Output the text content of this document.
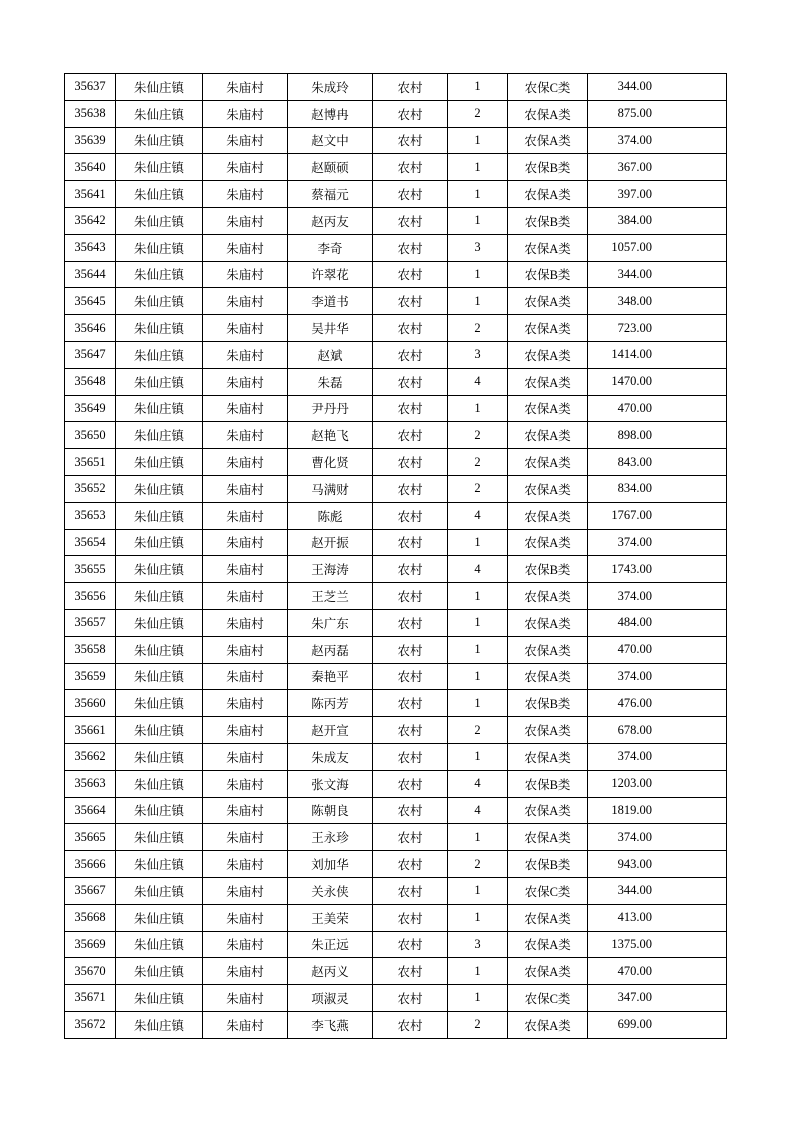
35637	朱仙庄镇	朱庙村	朱成玲	农村	1	农保C类	344.00
35638	朱仙庄镇	朱庙村	赵博冉	农村	2	农保A类	875.00
35639	朱仙庄镇	朱庙村	赵文中	农村	1	农保A类	374.00
35640	朱仙庄镇	朱庙村	赵颐硕	农村	1	农保B类	367.00
35641	朱仙庄镇	朱庙村	蔡福元	农村	1	农保A类	397.00
35642	朱仙庄镇	朱庙村	赵丙友	农村	1	农保B类	384.00
35643	朱仙庄镇	朱庙村	李奇	农村	3	农保A类	1057.00
35644	朱仙庄镇	朱庙村	许翠花	农村	1	农保B类	344.00
35645	朱仙庄镇	朱庙村	李道书	农村	1	农保A类	348.00
35646	朱仙庄镇	朱庙村	吴井华	农村	2	农保A类	723.00
35647	朱仙庄镇	朱庙村	赵斌	农村	3	农保A类	1414.00
35648	朱仙庄镇	朱庙村	朱磊	农村	4	农保A类	1470.00
35649	朱仙庄镇	朱庙村	尹丹丹	农村	1	农保A类	470.00
35650	朱仙庄镇	朱庙村	赵艳飞	农村	2	农保A类	898.00
35651	朱仙庄镇	朱庙村	曹化贤	农村	2	农保A类	843.00
35652	朱仙庄镇	朱庙村	马满财	农村	2	农保A类	834.00
35653	朱仙庄镇	朱庙村	陈彪	农村	4	农保A类	1767.00
35654	朱仙庄镇	朱庙村	赵开振	农村	1	农保A类	374.00
35655	朱仙庄镇	朱庙村	王海涛	农村	4	农保B类	1743.00
35656	朱仙庄镇	朱庙村	王芝兰	农村	1	农保A类	374.00
35657	朱仙庄镇	朱庙村	朱广东	农村	1	农保A类	484.00
35658	朱仙庄镇	朱庙村	赵丙磊	农村	1	农保A类	470.00
35659	朱仙庄镇	朱庙村	秦艳平	农村	1	农保A类	374.00
35660	朱仙庄镇	朱庙村	陈丙芳	农村	1	农保B类	476.00
35661	朱仙庄镇	朱庙村	赵开宣	农村	2	农保A类	678.00
35662	朱仙庄镇	朱庙村	朱成友	农村	1	农保A类	374.00
35663	朱仙庄镇	朱庙村	张文海	农村	4	农保B类	1203.00
35664	朱仙庄镇	朱庙村	陈朝良	农村	4	农保A类	1819.00
35665	朱仙庄镇	朱庙村	王永珍	农村	1	农保A类	374.00
35666	朱仙庄镇	朱庙村	刘加华	农村	2	农保B类	943.00
35667	朱仙庄镇	朱庙村	关永侠	农村	1	农保C类	344.00
35668	朱仙庄镇	朱庙村	王美荣	农村	1	农保A类	413.00
35669	朱仙庄镇	朱庙村	朱正远	农村	3	农保A类	1375.00
35670	朱仙庄镇	朱庙村	赵丙义	农村	1	农保A类	470.00
35671	朱仙庄镇	朱庙村	项淑灵	农村	1	农保C类	347.00
35672	朱仙庄镇	朱庙村	李飞燕	农村	2	农保A类	699.00
